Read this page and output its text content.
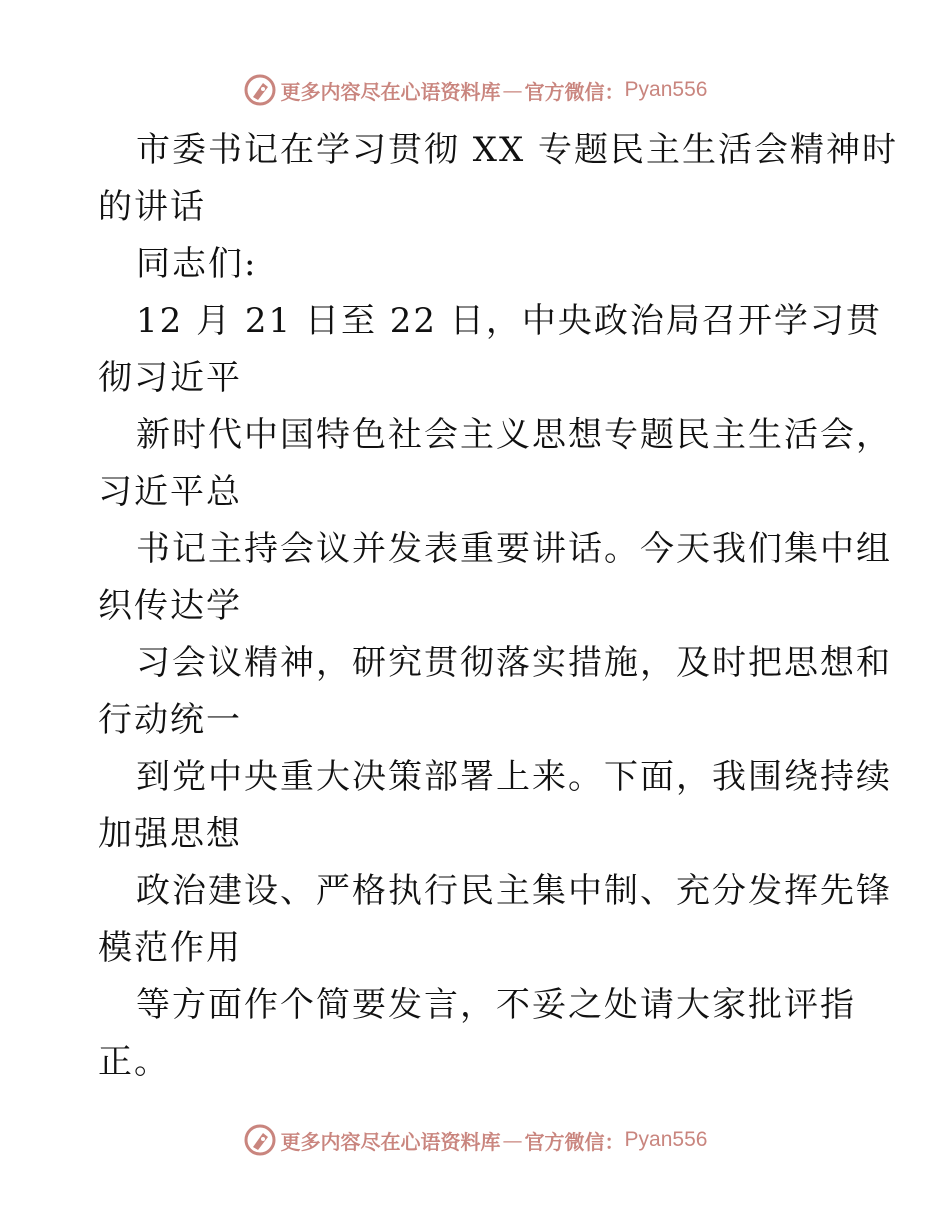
更多内容尽在心语资料库 — 官方微信： Pyan556
市委书记在学习贯彻 XX 专题民主生活会精神时
的讲话
同志们:
12 月 21 日至 22 日，中央政治局召开学习贯
彻习近平
新时代中国特色社会主义思想专题民主生活会，
习近平总
书记主持会议并发表重要讲话。今天我们集中组
织传达学
习会议精神，研究贯彻落实措施，及时把思想和
行动统一
到党中央重大决策部署上来。下面，我围绕持续
加强思想
政治建设、严格执行民主集中制、充分发挥先锋
模范作用
等方面作个简要发言，不妥之处请大家批评指
正。
更多内容尽在心语资料库 — 官方微信： Pyan556
